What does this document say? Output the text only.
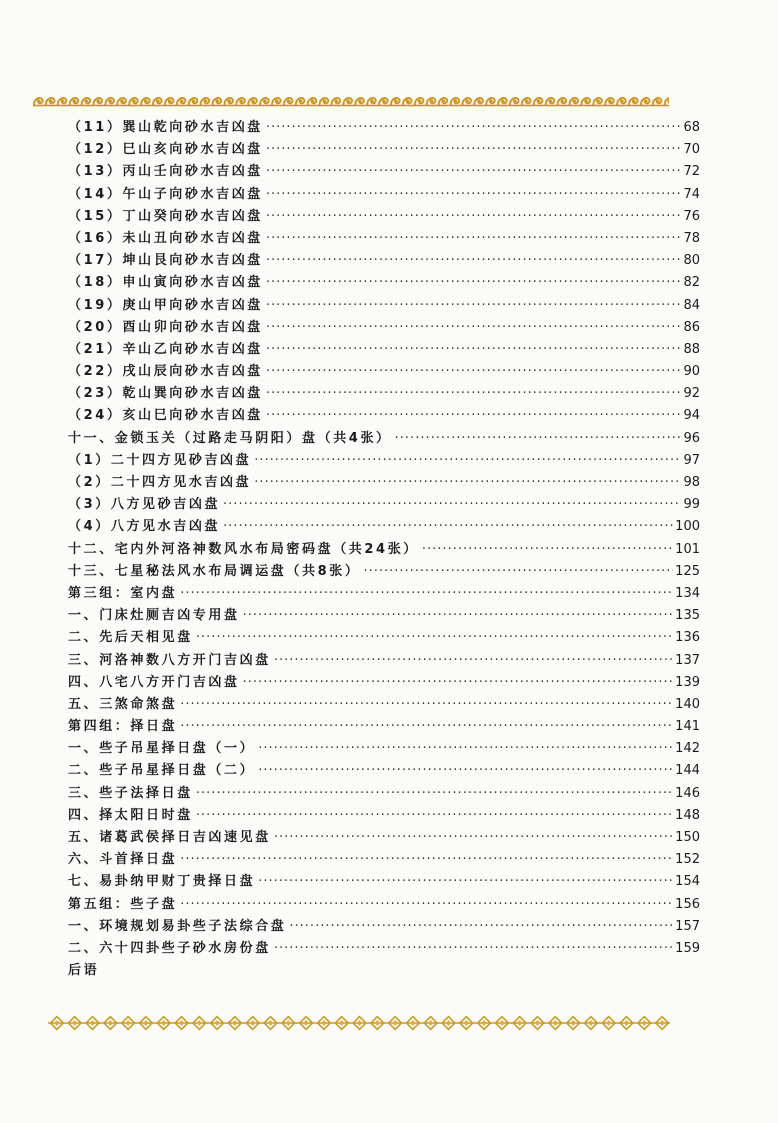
（11）巽山乾向砂水吉凶盘 ·····	68
（12）巳山亥向砂水吉凶盘 ·····	70
（13）丙山壬向砂水吉凶盘 ·····	72
（14）午山子向砂水吉凶盘 ·····	74
（15）丁山癸向砂水吉凶盘 ·····	76
（16）未山丑向砂水吉凶盘 ·····	78
（17）坤山艮向砂水吉凶盘 ·····	80
（18）申山寅向砂水吉凶盘 ·····	82
（19）庚山甲向砂水吉凶盘 ·····	84
（20）酉山卯向砂水吉凶盘 ·····	86
（21）辛山乙向砂水吉凶盘 ·····	88
（22）戌山辰向砂水吉凶盘 ·····	90
（23）乾山巽向砂水吉凶盘 ·····	92
（24）亥山巳向砂水吉凶盘 ·····	94
十一、金锁玉关（过路走马阴阳）盘（共4张） ·····	96
（1）二十四方见砂吉凶盘 ·····	97
（2）二十四方见水吉凶盘 ·····	98
（3）八方见砂吉凶盘 ·····	99
（4）八方见水吉凶盘 ·····	100
十二、宅内外河洛神数风水布局密码盘（共24张） ·····	101
十三、七星秘法风水布局调运盘（共8张） ·····	125
第三组：室内盘 ·····	134
一、门床灶厕吉凶专用盘 ·····	135
二、先后天相见盘 ·····	136
三、河洛神数八方开门吉凶盘 ·····	137
四、八宅八方开门吉凶盘 ·····	139
五、三煞命煞盘 ·····	140
第四组：择日盘 ·····	141
一、些子吊星择日盘（一） ·····	142
二、些子吊星择日盘（二） ·····	144
三、些子法择日盘 ·····	146
四、择太阳日时盘 ·····	148
五、诸葛武侯择日吉凶速见盘 ·····	150
六、斗首择日盘 ·····	152
七、易卦纳甲财丁贵择日盘 ·····	154
第五组：些子盘 ·····	156
一、环境规划易卦些子法综合盘 ·····	157
二、六十四卦些子砂水房份盘 ·····	159
后语
